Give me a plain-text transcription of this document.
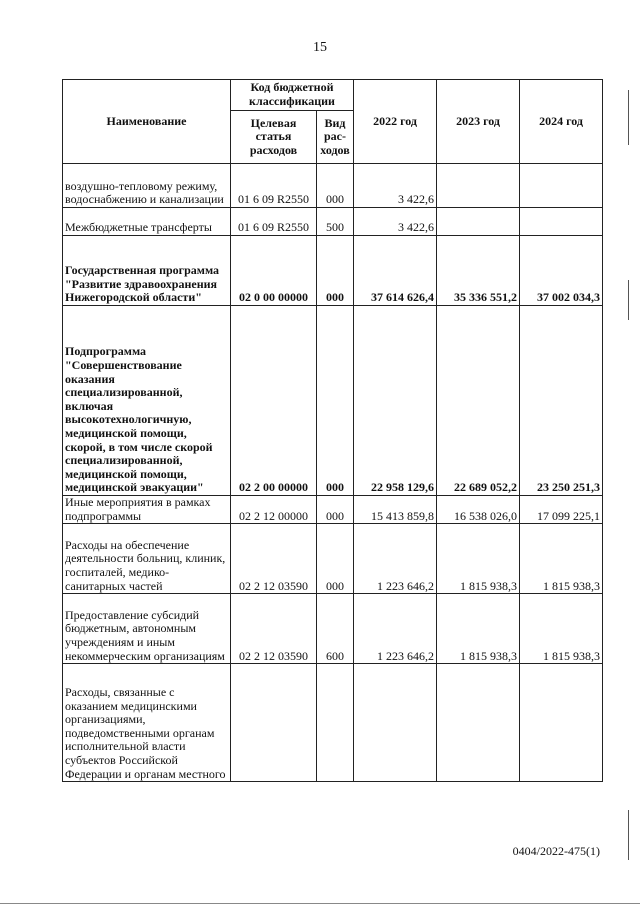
15
Наименование	Код бюджетной классификации		2022 год	2023 год	2024 год
	Целевая статья расходов	Вид рас-ходов			
воздушно-тепловому режиму, водоснабжению и канализации	01 6 09 R2550	000	3 422,6		
Межбюджетные трансферты	01 6 09 R2550	500	3 422,6		
Государственная программа "Развитие здравоохранения Нижегородской области"	02 0 00 00000	000	37 614 626,4	35 336 551,2	37 002 034,3
Подпрограмма "Совершенствование оказания специализированной, включая высокотехнологичную, медицинской помощи, скорой, в том числе скорой специализированной, медицинской помощи, медицинской эвакуации"	02 2 00 00000	000	22 958 129,6	22 689 052,2	23 250 251,3
Иные мероприятия в рамках подпрограммы	02 2 12 00000	000	15 413 859,8	16 538 026,0	17 099 225,1
Расходы на обеспечение деятельности больниц, клиник, госпиталей, медико-санитарных частей	02 2 12 03590	000	1 223 646,2	1 815 938,3	1 815 938,3
Предоставление субсидий бюджетным, автономным учреждениям и иным некоммерческим организациям	02 2 12 03590	600	1 223 646,2	1 815 938,3	1 815 938,3
Расходы, связанные с оказанием медицинскими организациями, подведомственными органам исполнительной власти субъектов Российской Федерации и органам местного					
0404/2022-475(1)
